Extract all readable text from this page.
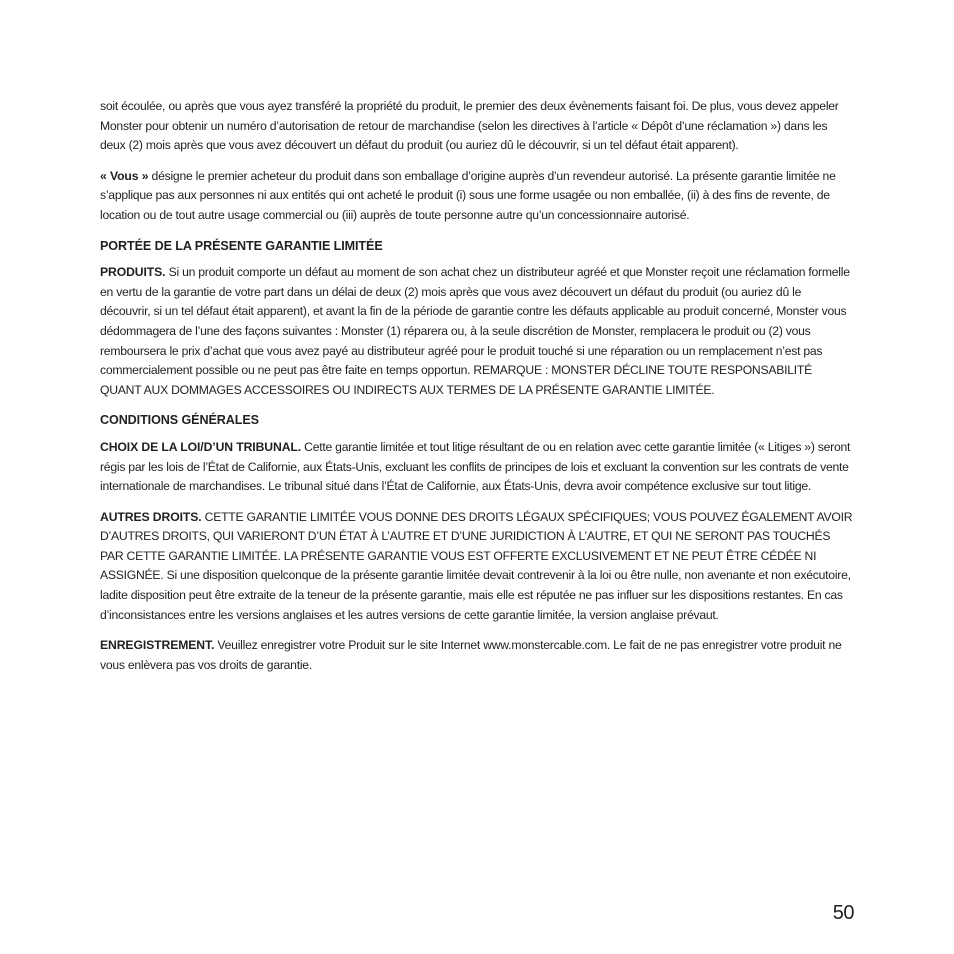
soit écoulée, ou après que vous ayez transféré la propriété du produit, le premier des deux évènements faisant foi. De plus, vous devez appeler Monster pour obtenir un numéro d’autorisation de retour de marchandise (selon les directives à l’article « Dépôt d’une réclamation ») dans les deux (2) mois après que vous avez découvert un défaut du produit (ou auriez dû le découvrir, si un tel défaut était apparent).

« Vous » désigne le premier acheteur du produit dans son emballage d’origine auprès d’un revendeur autorisé. La présente garantie limitée ne s’applique pas aux personnes ni aux entités qui ont acheté le produit (i) sous une forme usagée ou non emballée, (ii) à des fins de revente, de location ou de tout autre usage commercial ou (iii) auprès de toute personne autre qu’un concessionnaire autorisé.

PORTÉE DE LA PRÉSENTE GARANTIE LIMITÉE

PRODUITS. Si un produit comporte un défaut au moment de son achat chez un distributeur agréé et que Monster reçoit une réclamation formelle en vertu de la garantie de votre part dans un délai de deux (2) mois après que vous avez découvert un défaut du produit (ou auriez dû le découvrir, si un tel défaut était apparent), et avant la fin de la période de garantie contre les défauts applicable au produit concerné, Monster vous dédommagera de l’une des façons suivantes : Monster (1) réparera ou, à la seule discrétion de Monster, remplacera le produit ou (2) vous remboursera le prix d’achat que vous avez payé au distributeur agréé pour le produit touché si une réparation ou un remplacement n’est pas commercialement possible ou ne peut pas être faite en temps opportun. REMARQUE : MONSTER DÉCLINE TOUTE RESPONSABILITÉ QUANT AUX DOMMAGES ACCESSOIRES OU INDIRECTS AUX TERMES DE LA PRÉSENTE GARANTIE LIMITÉE.

CONDITIONS GÉNÉRALES

CHOIX DE LA LOI/D’UN TRIBUNAL. Cette garantie limitée et tout litige résultant de ou en relation avec cette garantie limitée (« Litiges ») seront régis par les lois de l’État de Californie, aux États-Unis, excluant les conflits de principes de lois et excluant la convention sur les contrats de vente internationale de marchandises. Le tribunal situé dans l’État de Californie, aux États-Unis, devra avoir compétence exclusive sur tout litige.

AUTRES DROITS. CETTE GARANTIE LIMITÉE VOUS DONNE DES DROITS LÉGAUX SPÉCIFIQUES; VOUS POUVEZ ÉGALEMENT AVOIR D’AUTRES DROITS, QUI VARIERONT D’UN ÉTAT À L’AUTRE ET D’UNE JURIDICTION À L’AUTRE, ET QUI NE SERONT PAS TOUCHÉS PAR CETTE GARANTIE LIMITÉE. LA PRÉSENTE GARANTIE VOUS EST OFFERTE EXCLUSIVEMENT ET NE PEUT ÊTRE CÉDÉE NI ASSIGNÉE. Si une disposition quelconque de la présente garantie limitée devait contrevenir à la loi ou être nulle, non avenante et non exécutoire, ladite disposition peut être extraite de la teneur de la présente garantie, mais elle est réputée ne pas influer sur les dispositions restantes. En cas d’inconsistances entre les versions anglaises et les autres versions de cette garantie limitée, la version anglaise prévaut.

ENREGISTREMENT. Veuillez enregistrer votre Produit sur le site Internet www.monstercable.com. Le fait de ne pas enregistrer votre produit ne vous enlèvera pas vos droits de garantie.

50
